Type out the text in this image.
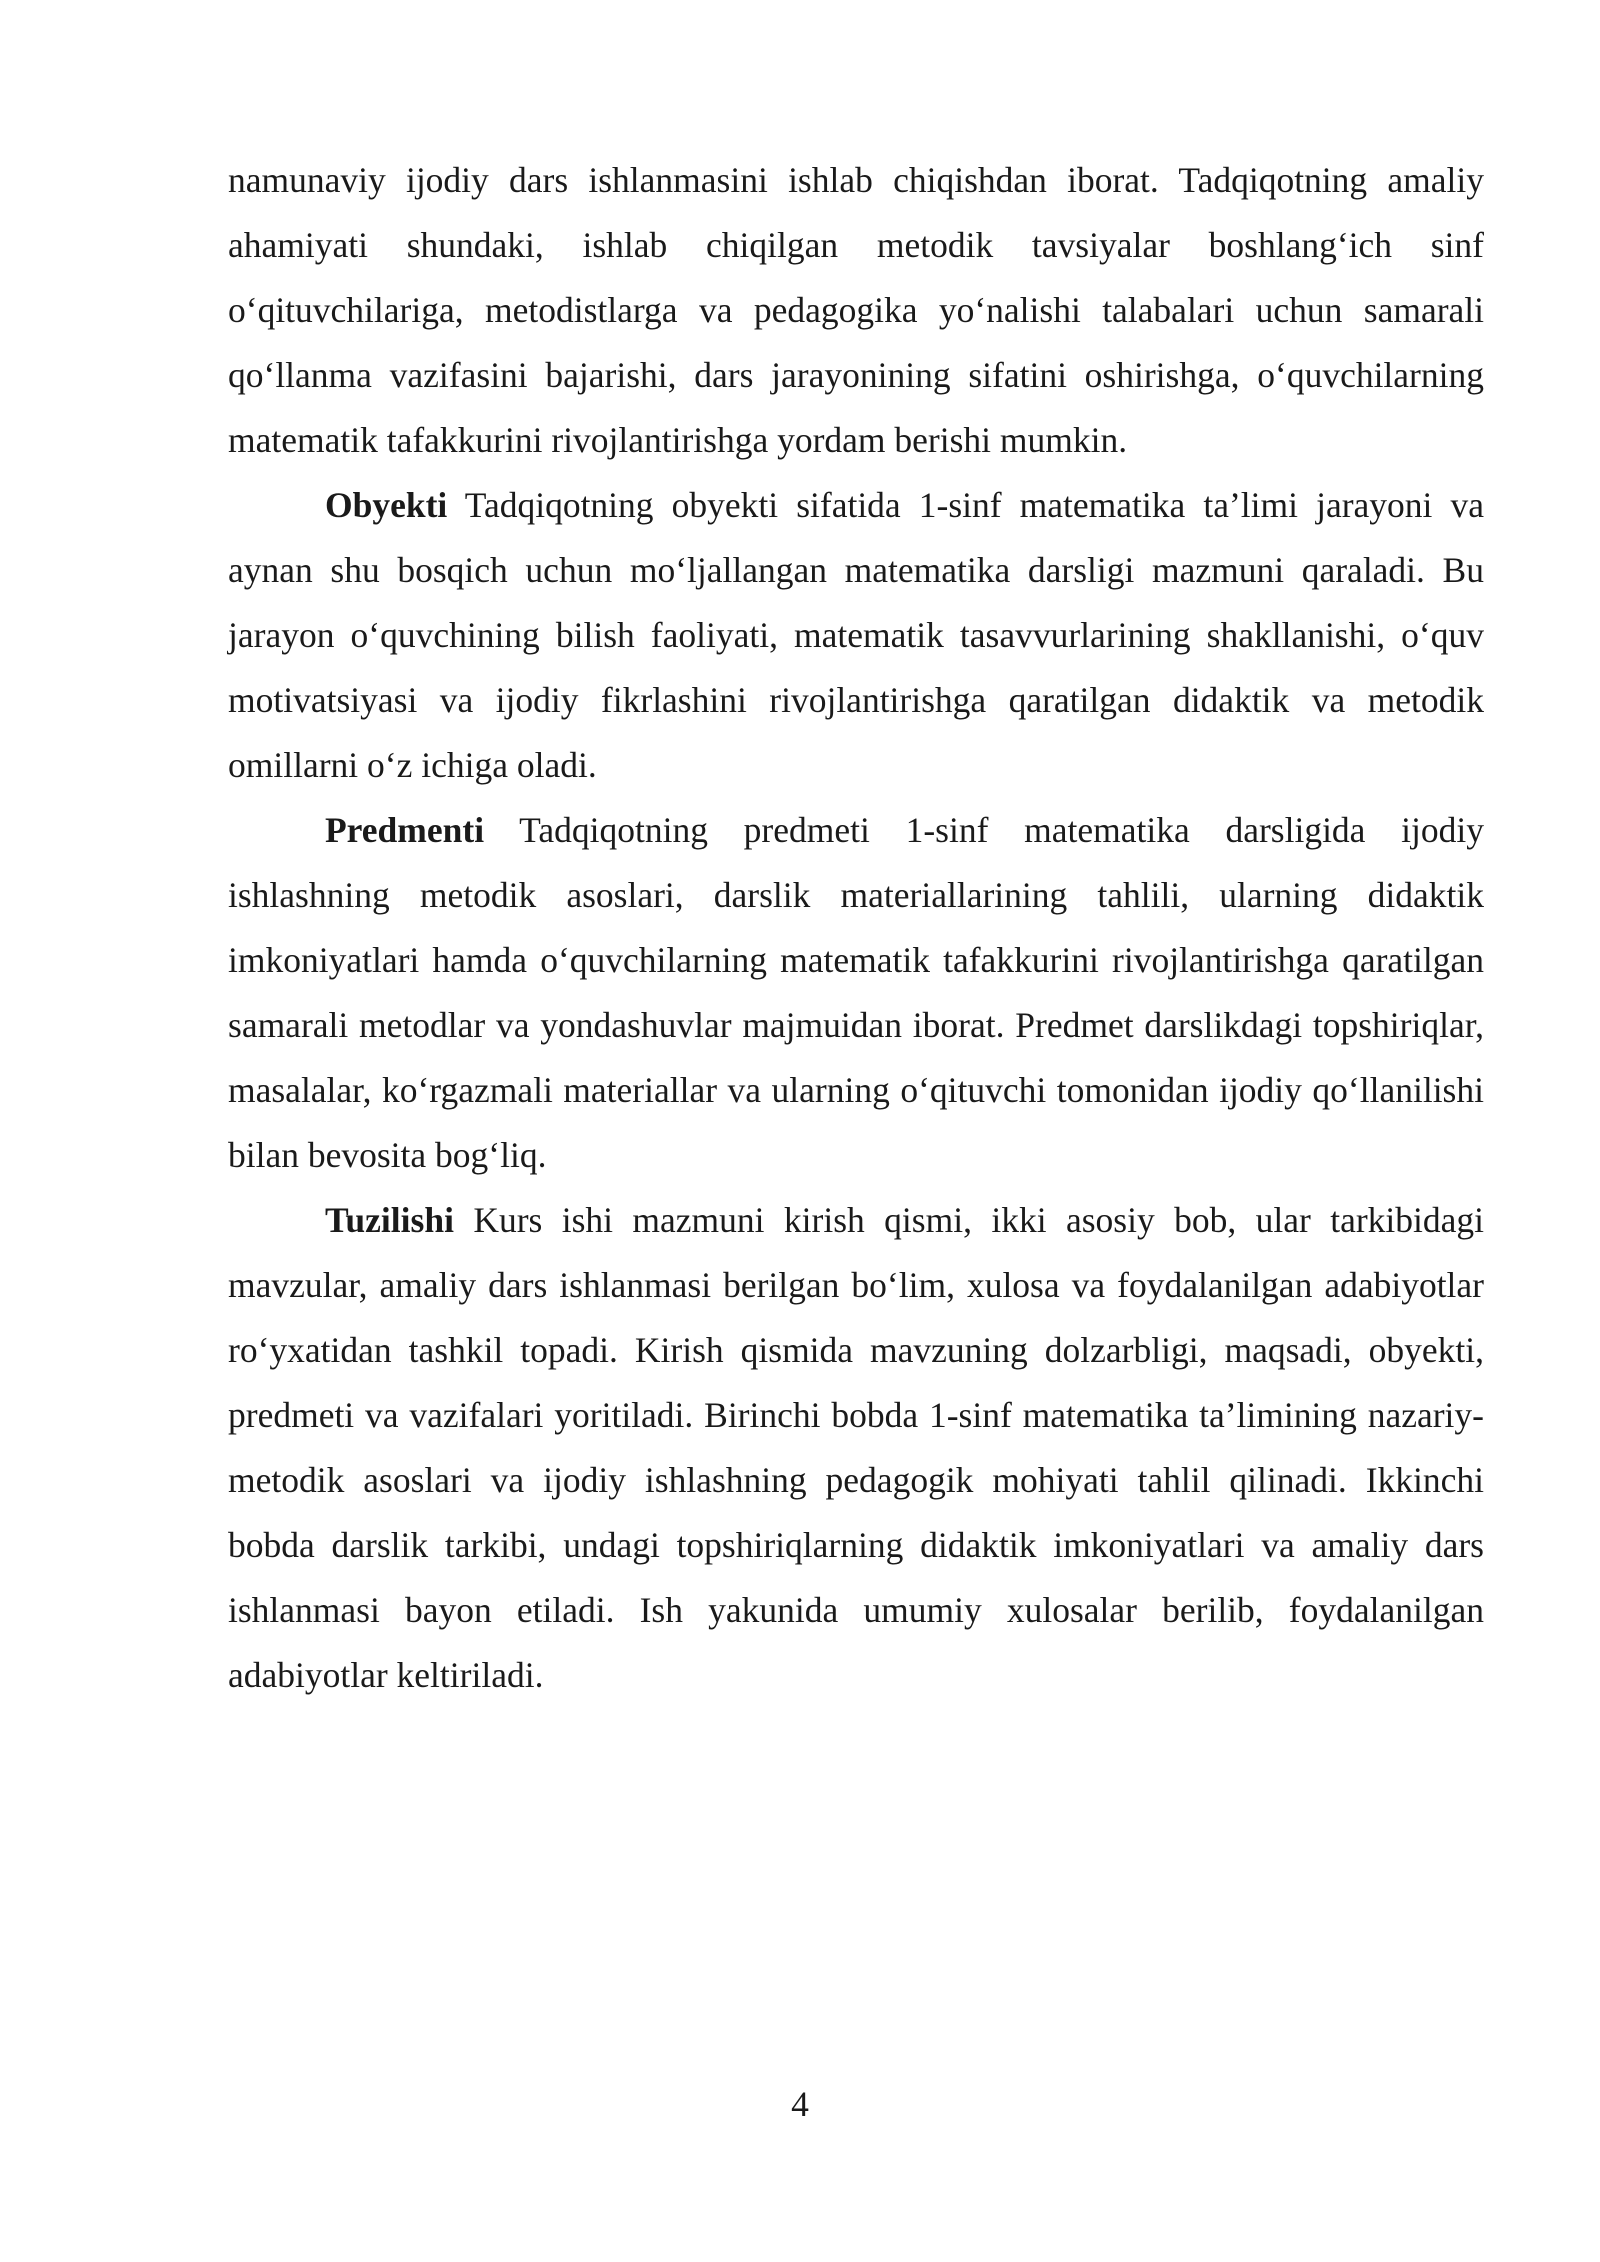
namunaviy ijodiy dars ishlanmasini ishlab chiqishdan iborat. Tadqiqotning amaliy ahamiyati shundaki, ishlab chiqilgan metodik tavsiyalar boshlang‘ich sinf o‘qituvchilariga, metodistlarga va pedagogika yo‘nalishi talabalari uchun samarali qo‘llanma vazifasini bajarishi, dars jarayonining sifatini oshirishga, o‘quvchilarning matematik tafakkurini rivojlantirishga yordam berishi mumkin.

Obyekti Tadqiqotning obyekti sifatida 1-sinf matematika ta’limi jarayoni va aynan shu bosqich uchun mo‘ljallangan matematika darsligi mazmuni qaraladi. Bu jarayon o‘quvchining bilish faoliyati, matematik tasavvurlarining shakllanishi, o‘quv motivatsiyasi va ijodiy fikrlashini rivojlantirishga qaratilgan didaktik va metodik omillarni o‘z ichiga oladi.

Predmenti Tadqiqotning predmeti 1-sinf matematika darsligida ijodiy ishlashning metodik asoslari, darslik materiallarining tahlili, ularning didaktik imkoniyatlari hamda o‘quvchilarning matematik tafakkurini rivojlantirishga qaratilgan samarali metodlar va yondashuvlar majmuidan iborat. Predmet darslikdagi topshiriqlar, masalalar, ko‘rgazmali materiallar va ularning o‘qituvchi tomonidan ijodiy qo‘llanilishi bilan bevosita bog‘liq.

Tuzilishi Kurs ishi mazmuni kirish qismi, ikki asosiy bob, ular tarkibidagi mavzular, amaliy dars ishlanmasi berilgan bo‘lim, xulosa va foydalanilgan adabiyotlar ro‘yxatidan tashkil topadi. Kirish qismida mavzuning dolzarbligi, maqsadi, obyekti, predmeti va vazifalari yoritiladi. Birinchi bobda 1-sinf matematika ta’limining nazariy-metodik asoslari va ijodiy ishlashning pedagogik mohiyati tahlil qilinadi. Ikkinchi bobda darslik tarkibi, undagi topshiriqlarning didaktik imkoniyatlari va amaliy dars ishlanmasi bayon etiladi. Ish yakunida umumiy xulosalar berilib, foydalanilgan adabiyotlar keltiriladi.

4
